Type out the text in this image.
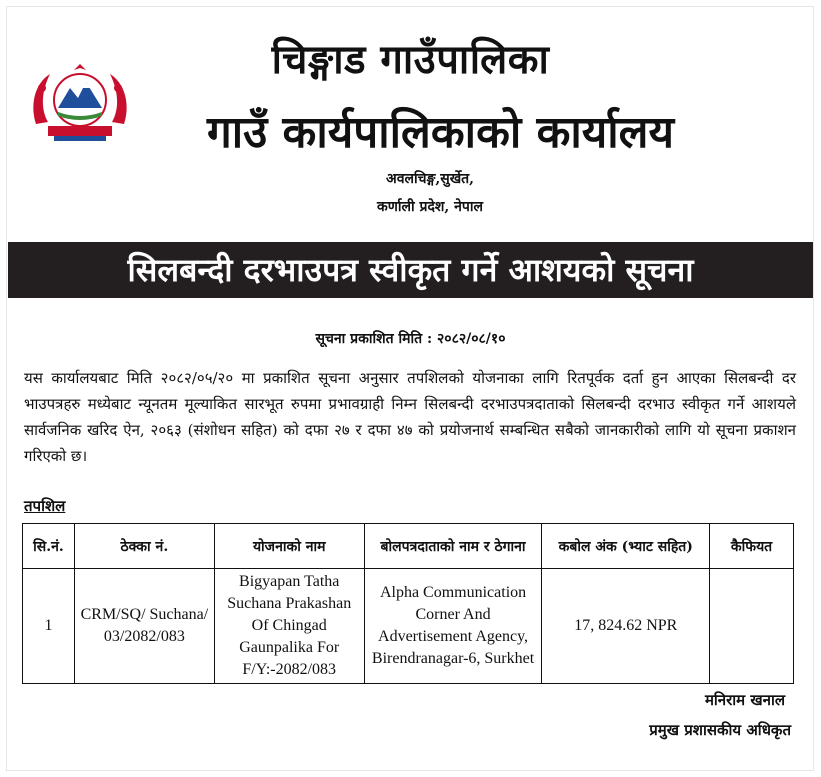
चिङ्गाड गाउँपालिका
गाउँ कार्यपालिकाको कार्यालय
अवलचिङ्ग,सुर्खेत,
कर्णाली प्रदेश, नेपाल
सिलबन्दी दरभाउपत्र स्वीकृत गर्ने आशयको सूचना
सूचना प्रकाशित मिति : २०८२/०८/१०
यस कार्यालयबाट मिति २०८२/०५/२० मा प्रकाशित सूचना अनुसार तपशिलको योजनाका लागि रितपूर्वक दर्ता हुन आएका सिलबन्दी दर भाउपत्रहरु मध्येबाट न्यूनतम मूल्याकित सारभूत रुपमा प्रभावग्राही निम्न सिलबन्दी दरभाउपत्रदाताको सिलबन्दी दरभाउ स्वीकृत गर्ने आशयले सार्वजनिक खरिद ऐन, २०६३ (संशोधन सहित) को दफा २७ र दफा ४७ को प्रयोजनार्थ सम्बन्धित सबैको जानकारीको लागि यो सूचना प्रकाशन गरिएको छ।
तपशिल
सि.नं.	ठेक्का नं.	योजनाको नाम	बोलपत्रदाताको नाम र ठेगाना	कबोल अंक (भ्याट सहित)	कैफियत
1	CRM/SQ/ Suchana/ 03/2082/083	Bigyapan Tatha Suchana Prakashan Of Chingad Gaunpalika For F/Y:-2082/083	Alpha Communication Corner And Advertisement Agency, Birendranagar-6, Surkhet	17, 824.62 NPR	
मनिराम खनाल
प्रमुख प्रशासकीय अधिकृत
